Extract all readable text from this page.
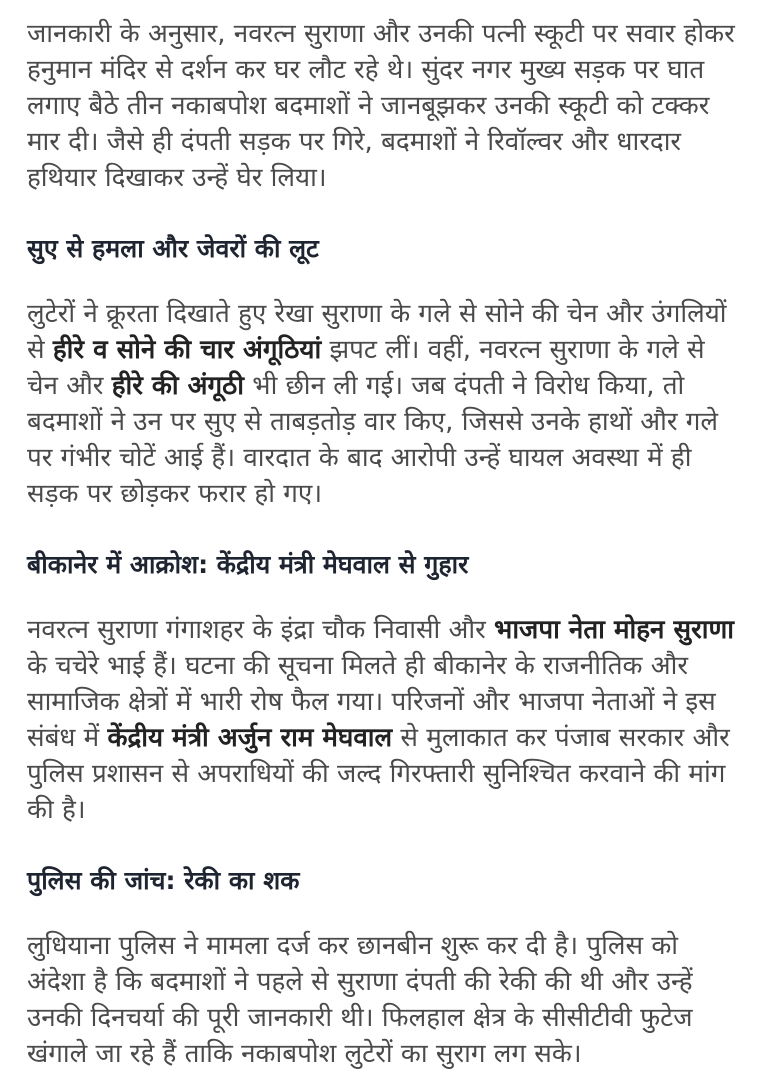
जानकारी के अनुसार, नवरत्न सुराणा और उनकी पत्नी स्कूटी पर सवार होकर हनुमान मंदिर से दर्शन कर घर लौट रहे थे। सुंदर नगर मुख्य सड़क पर घात लगाए बैठे तीन नकाबपोश बदमाशों ने जानबूझकर उनकी स्कूटी को टक्कर मार दी। जैसे ही दंपती सड़क पर गिरे, बदमाशों ने रिवॉल्वर और धारदार हथियार दिखाकर उन्हें घेर लिया।

सुए से हमला और जेवरों की लूट

लुटेरों ने क्रूरता दिखाते हुए रेखा सुराणा के गले से सोने की चेन और उंगलियों से हीरे व सोने की चार अंगूठियां झपट लीं। वहीं, नवरत्न सुराणा के गले से चेन और हीरे की अंगूठी भी छीन ली गई। जब दंपती ने विरोध किया, तो बदमाशों ने उन पर सुए से ताबड़तोड़ वार किए, जिससे उनके हाथों और गले पर गंभीर चोटें आई हैं। वारदात के बाद आरोपी उन्हें घायल अवस्था में ही सड़क पर छोड़कर फरार हो गए।

बीकानेर में आक्रोश: केंद्रीय मंत्री मेघवाल से गुहार

नवरत्न सुराणा गंगाशहर के इंद्रा चौक निवासी और भाजपा नेता मोहन सुराणा के चचेरे भाई हैं। घटना की सूचना मिलते ही बीकानेर के राजनीतिक और सामाजिक क्षेत्रों में भारी रोष फैल गया। परिजनों और भाजपा नेताओं ने इस संबंध में केंद्रीय मंत्री अर्जुन राम मेघवाल से मुलाकात कर पंजाब सरकार और पुलिस प्रशासन से अपराधियों की जल्द गिरफ्तारी सुनिश्चित करवाने की मांग की है।

पुलिस की जांच: रेकी का शक

लुधियाना पुलिस ने मामला दर्ज कर छानबीन शुरू कर दी है। पुलिस को अंदेशा है कि बदमाशों ने पहले से सुराणा दंपती की रेकी की थी और उन्हें उनकी दिनचर्या की पूरी जानकारी थी। फिलहाल क्षेत्र के सीसीटीवी फुटेज खंगाले जा रहे हैं ताकि नकाबपोश लुटेरों का सुराग लग सके।
